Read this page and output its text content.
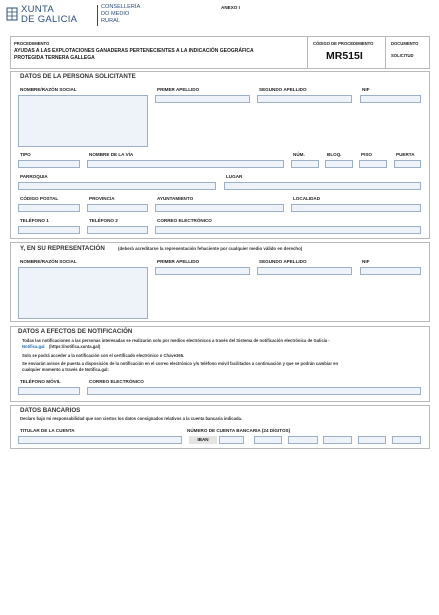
XUNTA
DE GALICIA
CONSELLERÍA
DO MEDIO
RURAL
ANEXO I
PROCEDIMIENTO
AYUDAS A LAS EXPLOTACIONES GANADERAS PERTENECIENTES A LA INDICACIÓN GEOGRÁFICA
PROTEGIDA TERNERA GALLEGA
CÓDIGO DE PROCEDIMIENTO
MR515I
DOCUMENTO
SOLICITUD
DATOS DE LA PERSONA SOLICITANTE
NOMBRE/RAZÓN SOCIAL	PRIMER APELLIDO	SEGUNDO APELLIDO	NIF
TIPO	NOMBRE DE LA VÍA	NÚM.	BLOQ.	PISO	PUERTA
PARROQUIA	LUGAR
CÓDIGO POSTAL	PROVINCIA	AYUNTAMIENTO	LOCALIDAD
TELÉFONO 1	TELÉFONO 2	CORREO ELECTRÓNICO
Y, EN SU REPRESENTACIÓN	(deberá acreditarse la representación fehaciente por cualquier medio válido en derecho)
NOMBRE/RAZÓN SOCIAL	PRIMER APELLIDO	SEGUNDO APELLIDO	NIF
DATOS A EFECTOS DE NOTIFICACIÓN
Todas las notificaciones a las personas interesadas se realizarán solo por medios electrónicos a través del Sistema de notificación electrónica de Galicia -
Notifica.gal (https://notifica.xunta.gal)
Solo se podrá acceder a la notificación con el certificado electrónico o Chave365.
Se enviarán avisos de puesta a disposición de la notificación en el correo electrónico y/o teléfono móvil facilitados a continuación y que se podrán cambiar en
cualquier momento a través de Notifica.gal:
TELÉFONO MÓVIL	CORREO ELECTRÓNICO
DATOS BANCARIOS
Declaro bajo mi responsabilidad que son ciertos los datos consignados relativos a la cuenta bancaria indicada.
TITULAR DE LA CUENTA	NÚMERO DE CUENTA BANCARIA (24 DÍGITOS)
IBAN
